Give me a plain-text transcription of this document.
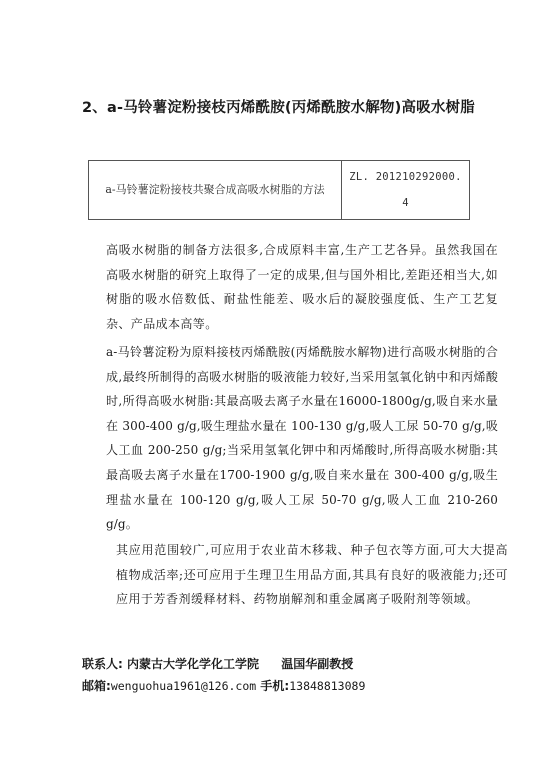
2、a-马铃薯淀粉接枝丙烯酰胺(丙烯酰胺水解物)高吸水树脂
a-马铃薯淀粉接枝共聚合成高吸水树脂的方法	ZL. 201210292000. 4

高吸水树脂的制备方法很多,合成原料丰富,生产工艺各异。虽然我国在高吸水树脂的研究上取得了一定的成果,但与国外相比,差距还相当大,如树脂的吸水倍数低、耐盐性能差、吸水后的凝胶强度低、生产工艺复杂、产品成本高等。

a-马铃薯淀粉为原料接枝丙烯酰胺(丙烯酰胺水解物)进行高吸水树脂的合成,最终所制得的高吸水树脂的吸液能力较好,当采用氢氧化钠中和丙烯酸时,所得高吸水树脂:其最高吸去离子水量在16000-1800g/g,吸自来水量在 300-400 g/g,吸生理盐水量在 100-130 g/g,吸人工尿 50-70 g/g,吸人工血 200-250 g/g;当采用氢氧化钾中和丙烯酸时,所得高吸水树脂:其最高吸去离子水量在1700-1900 g/g,吸自来水量在 300-400 g/g,吸生理盐水量在 100-120 g/g,吸人工尿 50-70 g/g,吸人工血 210-260 g/g。

其应用范围较广,可应用于农业苗木移栽、种子包衣等方面,可大大提高植物成活率;还可应用于生理卫生用品方面,其具有良好的吸液能力;还可应用于芳香剂缓释材料、药物崩解剂和重金属离子吸附剂等领域。

联系人: 内蒙古大学化学化工学院 温国华副教授
邮箱:wenguohua1961@126.com 手机:13848813089
